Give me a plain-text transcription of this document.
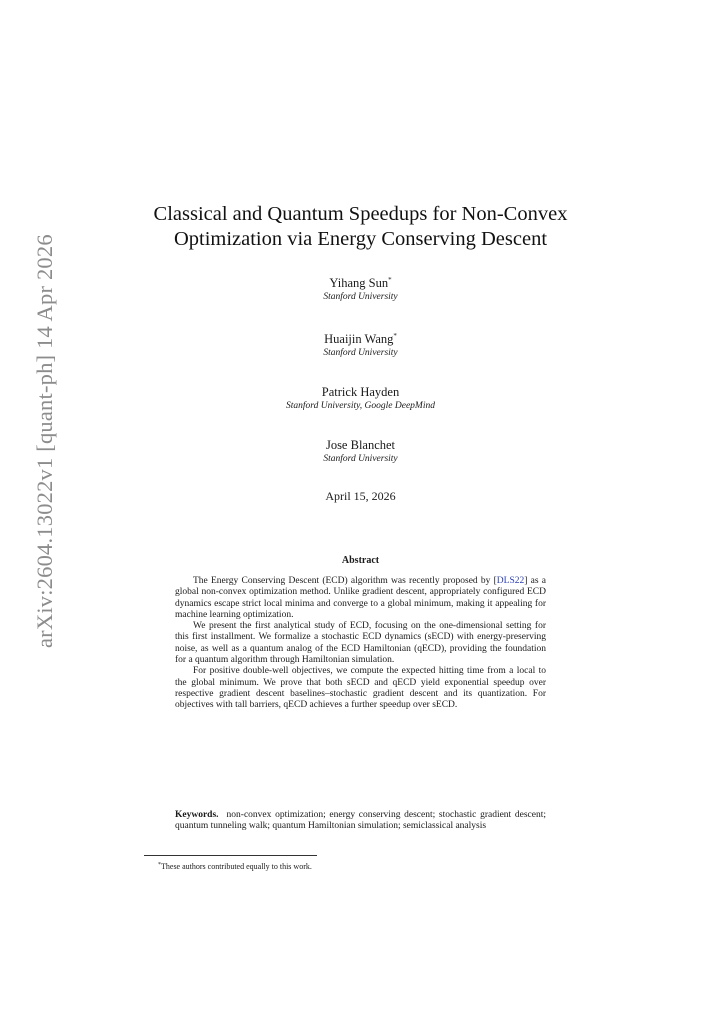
arXiv:2604.13022v1 [quant-ph] 14 Apr 2026
Classical and Quantum Speedups for Non-Convex
Optimization via Energy Conserving Descent
Yihang Sun*
Stanford University
Huaijin Wang*
Stanford University
Patrick Hayden
Stanford University, Google DeepMind
Jose Blanchet
Stanford University
April 15, 2026
Abstract

The Energy Conserving Descent (ECD) algorithm was recently proposed by [DLS22] as a global non-convex optimization method. Unlike gradient descent, appropriately configured ECD dynamics escape strict local minima and converge to a global minimum, making it appealing for machine learning optimization.

We present the first analytical study of ECD, focusing on the one-dimensional setting for this first installment. We formalize a stochastic ECD dynamics (sECD) with energy-preserving noise, as well as a quantum analog of the ECD Hamiltonian (qECD), providing the foundation for a quantum algorithm through Hamiltonian simulation.

For positive double-well objectives, we compute the expected hitting time from a local to the global minimum. We prove that both sECD and qECD yield exponential speedup over respective gradient descent baselines–stochastic gradient descent and its quantization. For objectives with tall barriers, qECD achieves a further speedup over sECD.

Keywords. non-convex optimization; energy conserving descent; stochastic gradient descent; quantum tunneling walk; quantum Hamiltonian simulation; semiclassical analysis
*These authors contributed equally to this work.
